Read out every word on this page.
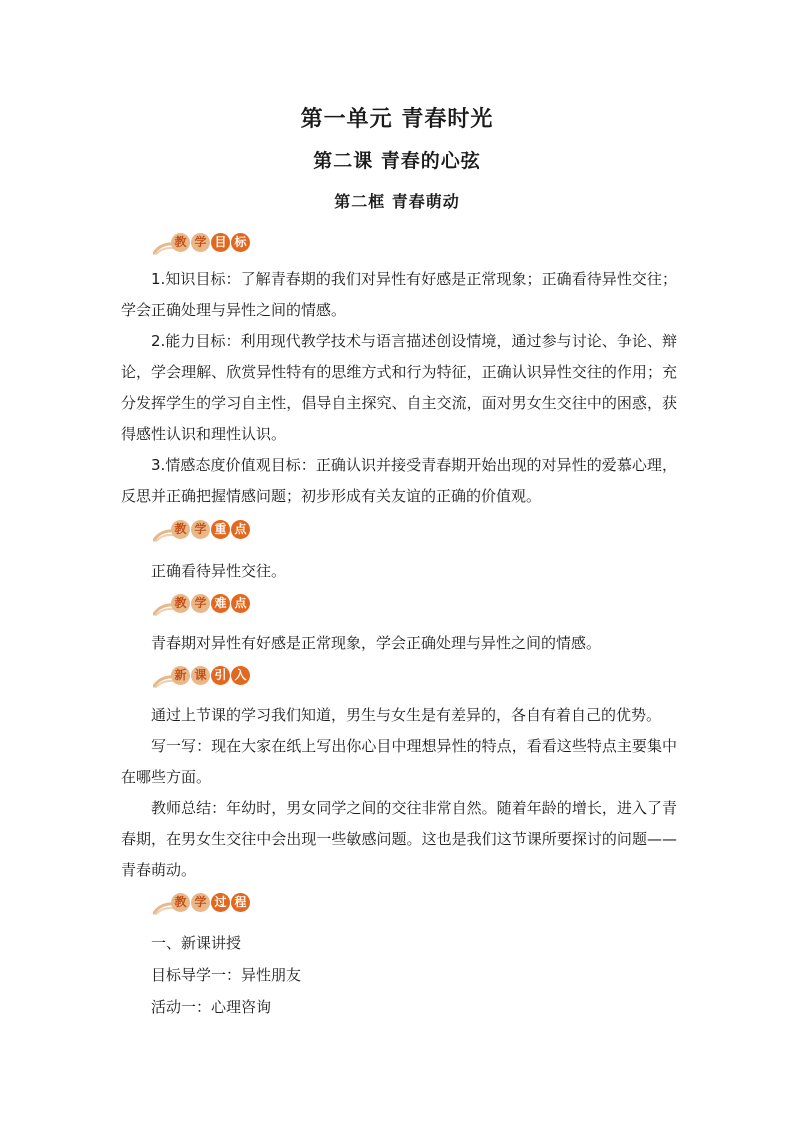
第一单元 青春时光
第二课 青春的心弦
第二框 青春萌动
教 学 目 标

1.知识目标：了解青春期的我们对异性有好感是正常现象；正确看待异性交往；学会正确处理与异性之间的情感。

2.能力目标：利用现代教学技术与语言描述创设情境，通过参与讨论、争论、辩论，学会理解、欣赏异性特有的思维方式和行为特征，正确认识异性交往的作用；充分发挥学生的学习自主性，倡导自主探究、自主交流，面对男女生交往中的困惑，获得感性认识和理性认识。

3.情感态度价值观目标：正确认识并接受青春期开始出现的对异性的爱慕心理，反思并正确把握情感问题；初步形成有关友谊的正确的价值观。

教 学 重 点

正确看待异性交往。

教 学 难 点

青春期对异性有好感是正常现象，学会正确处理与异性之间的情感。

新 课 引 入

通过上节课的学习我们知道，男生与女生是有差异的，各自有着自己的优势。

写一写：现在大家在纸上写出你心目中理想异性的特点，看看这些特点主要集中在哪些方面。

教师总结：年幼时，男女同学之间的交往非常自然。随着年龄的增长，进入了青春期，在男女生交往中会出现一些敏感问题。这也是我们这节课所要探讨的问题——青春萌动。

教 学 过 程

一、新课讲授

目标导学一：异性朋友

活动一：心理咨询
